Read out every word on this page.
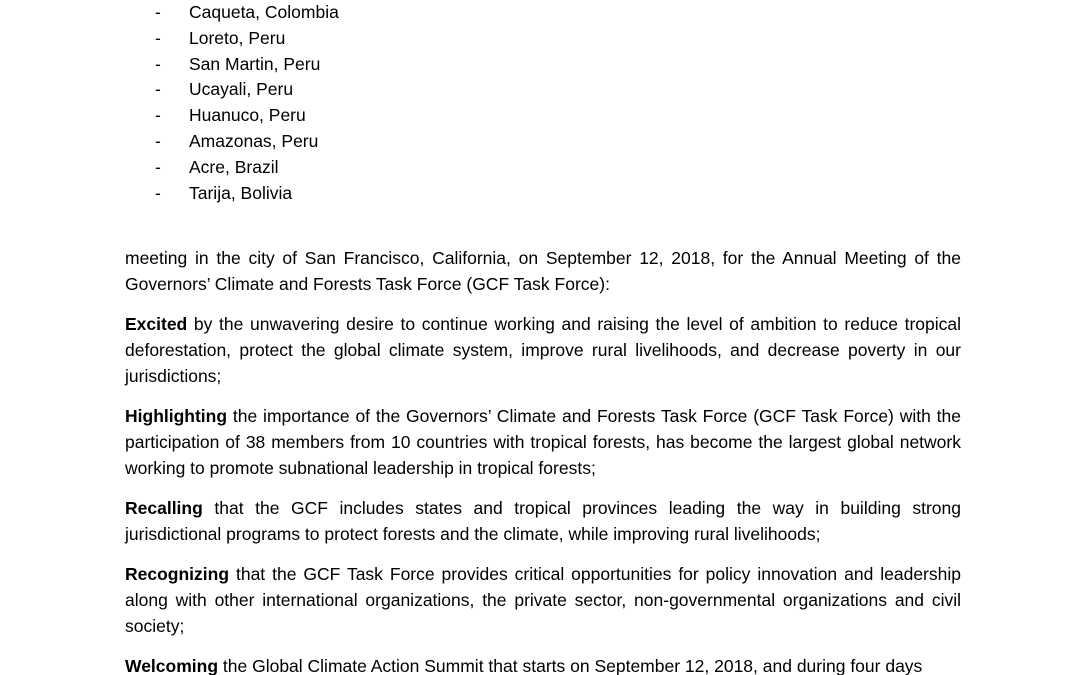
- Caqueta, Colombia
- Loreto, Peru
- San Martin, Peru
- Ucayali, Peru
- Huanuco, Peru
- Amazonas, Peru
- Acre, Brazil
- Tarija, Bolivia

meeting in the city of San Francisco, California, on September 12, 2018, for the Annual Meeting of the Governors’ Climate and Forests Task Force (GCF Task Force):

Excited by the unwavering desire to continue working and raising the level of ambition to reduce tropical deforestation, protect the global climate system, improve rural livelihoods, and decrease poverty in our jurisdictions;

Highlighting the importance of the Governors’ Climate and Forests Task Force (GCF Task Force) with the participation of 38 members from 10 countries with tropical forests, has become the largest global network working to promote subnational leadership in tropical forests;

Recalling that the GCF includes states and tropical provinces leading the way in building strong jurisdictional programs to protect forests and the climate, while improving rural livelihoods;

Recognizing that the GCF Task Force provides critical opportunities for policy innovation and leadership along with other international organizations, the private sector, non-governmental organizations and civil society;

Welcoming the Global Climate Action Summit that starts on September 12, 2018, and during four days
